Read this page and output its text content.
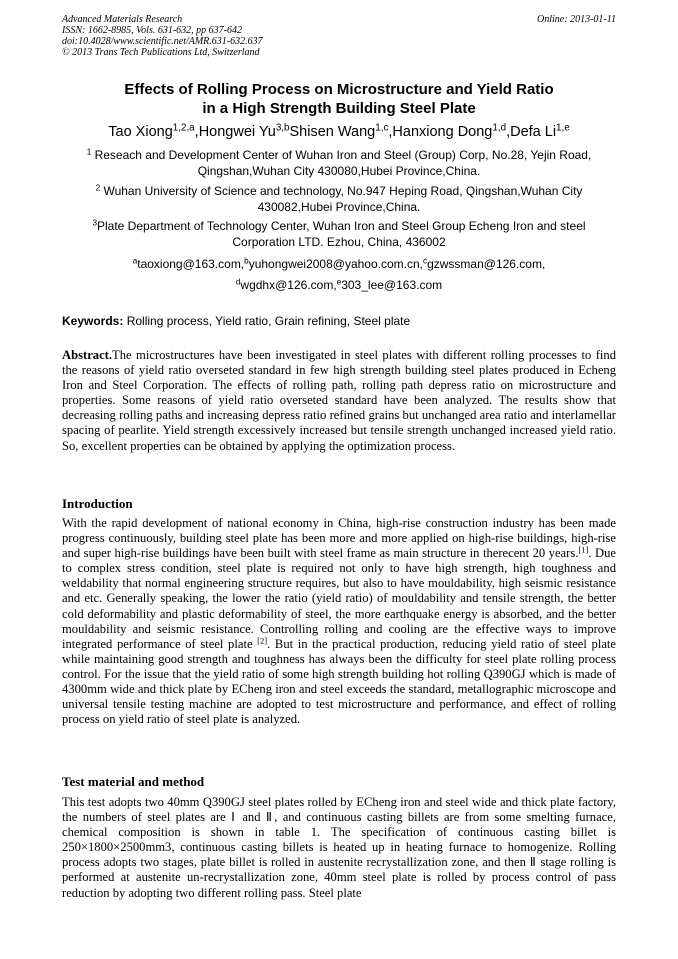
Advanced Materials Research
ISSN: 1662-8985, Vols. 631-632, pp 637-642
doi:10.4028/www.scientific.net/AMR.631-632.637
© 2013 Trans Tech Publications Ltd, Switzerland
Online: 2013-01-11
Effects of Rolling Process on Microstructure and Yield Ratio
in a High Strength Building Steel Plate
Tao Xiong$^{1,2,a}$,Hongwei Yu$^{3,b}$Shisen Wang$^{1,c}$,Hanxiong Dong$^{1,d}$,Defa Li$^{1,e}$
$^1$ Reseach and Development Center of Wuhan Iron and Steel (Group) Corp, No.28, Yejin Road,
Qingshan,Wuhan City 430080,Hubei Province,China.
$^2$ Wuhan University of Science and technology, No.947 Heping Road, Qingshan,Wuhan City
430082,Hubei Province,China.
$^3$Plate Department of Technology Center, Wuhan Iron and Steel Group Echeng Iron and steel
Corporation LTD. Ezhou, China, 436002
$^a$taoxiong@163.com,$^b$yuhongwei2008@yahoo.com.cn,$^c$gzwssman@126.com,
$^d$wgdhx@126.com,$^e$303_lee@163.com
Keywords: Rolling process, Yield ratio, Grain refining, Steel plate
Abstract.The microstructures have been investigated in steel plates with different rolling processes to find the reasons of yield ratio overseted standard in few high strength building steel plates produced in Echeng Iron and Steel Corporation. The effects of rolling path, rolling path depress ratio on microstructure and properties. Some reasons of yield ratio overseted standard have been analyzed. The results show that decreasing rolling paths and increasing depress ratio refined grains but unchanged area ratio and interlamellar spacing of pearlite. Yield strength excessively increased but tensile strength unchanged increased yield ratio. So, excellent properties can be obtained by applying the optimization process.
Introduction
With the rapid development of national economy in China, high-rise construction industry has been made progress continuously, building steel plate has been more and more applied on high-rise buildings, high-rise and super high-rise buildings have been built with steel frame as main structure in therecent 20 years.[1]. Due to complex stress condition, steel plate is required not only to have high strength, high toughness and weldability that normal engineering structure requires, but also to have mouldability, high seismic resistance and etc. Generally speaking, the lower the ratio (yield ratio) of mouldability and tensile strength, the better cold deformability and plastic deformability of steel, the more earthquake energy is absorbed, and the better mouldability and seismic resistance. Controlling rolling and cooling are the effective ways to improve integrated performance of steel plate [2]. But in the practical production, reducing yield ratio of steel plate while maintaining good strength and toughness has always been the difficulty for steel plate rolling process control. For the issue that the yield ratio of some high strength building hot rolling Q390GJ which is made of 4300mm wide and thick plate by ECheng iron and steel exceeds the standard, metallographic microscope and universal tensile testing machine are adopted to test microstructure and performance, and effect of rolling process on yield ratio of steel plate is analyzed.
Test material and method
This test adopts two 40mm Q390GJ steel plates rolled by ECheng iron and steel wide and thick plate factory, the numbers of steel plates are Ⅰ and Ⅱ, and continuous casting billets are from some smelting furnace, chemical composition is shown in table 1. The specification of continuous casting billet is 250×1800×2500mm3, continuous casting billets is heated up in heating furnace to homogenize. Rolling process adopts two stages, plate billet is rolled in austenite recrystallization zone, and then Ⅱ stage rolling is performed at austenite un-recrystallization zone, 40mm steel plate is rolled by process control of pass reduction by adopting two different rolling pass. Steel plate
